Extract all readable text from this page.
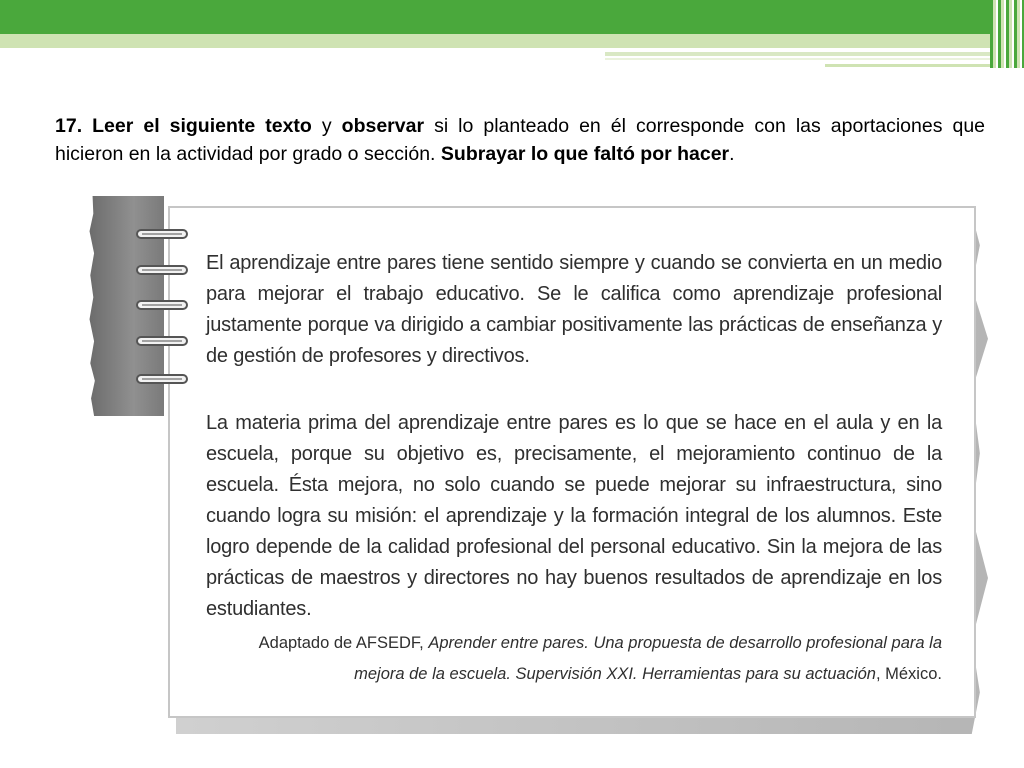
17. Leer el siguiente texto y observar si lo planteado en él corresponde con las aportaciones que hicieron en la actividad por grado o sección. Subrayar lo que faltó por hacer.

El aprendizaje entre pares tiene sentido siempre y cuando se convierta en un medio para mejorar el trabajo educativo. Se le califica como aprendizaje profesional justamente porque va dirigido a cambiar positivamente las prácticas de enseñanza y de gestión de profesores y directivos.

La materia prima del aprendizaje entre pares es lo que se hace en el aula y en la escuela, porque su objetivo es, precisamente, el mejoramiento continuo de la escuela. Ésta mejora, no solo cuando se puede mejorar su infraestructura, sino cuando logra su misión: el aprendizaje y la formación integral de los alumnos. Este logro depende de la calidad profesional del personal educativo. Sin la mejora de las prácticas de maestros y directores no hay buenos resultados de aprendizaje en los estudiantes.

Adaptado de AFSEDF, Aprender entre pares. Una propuesta de desarrollo profesional para la mejora de la escuela. Supervisión XXI. Herramientas para su actuación, México.
